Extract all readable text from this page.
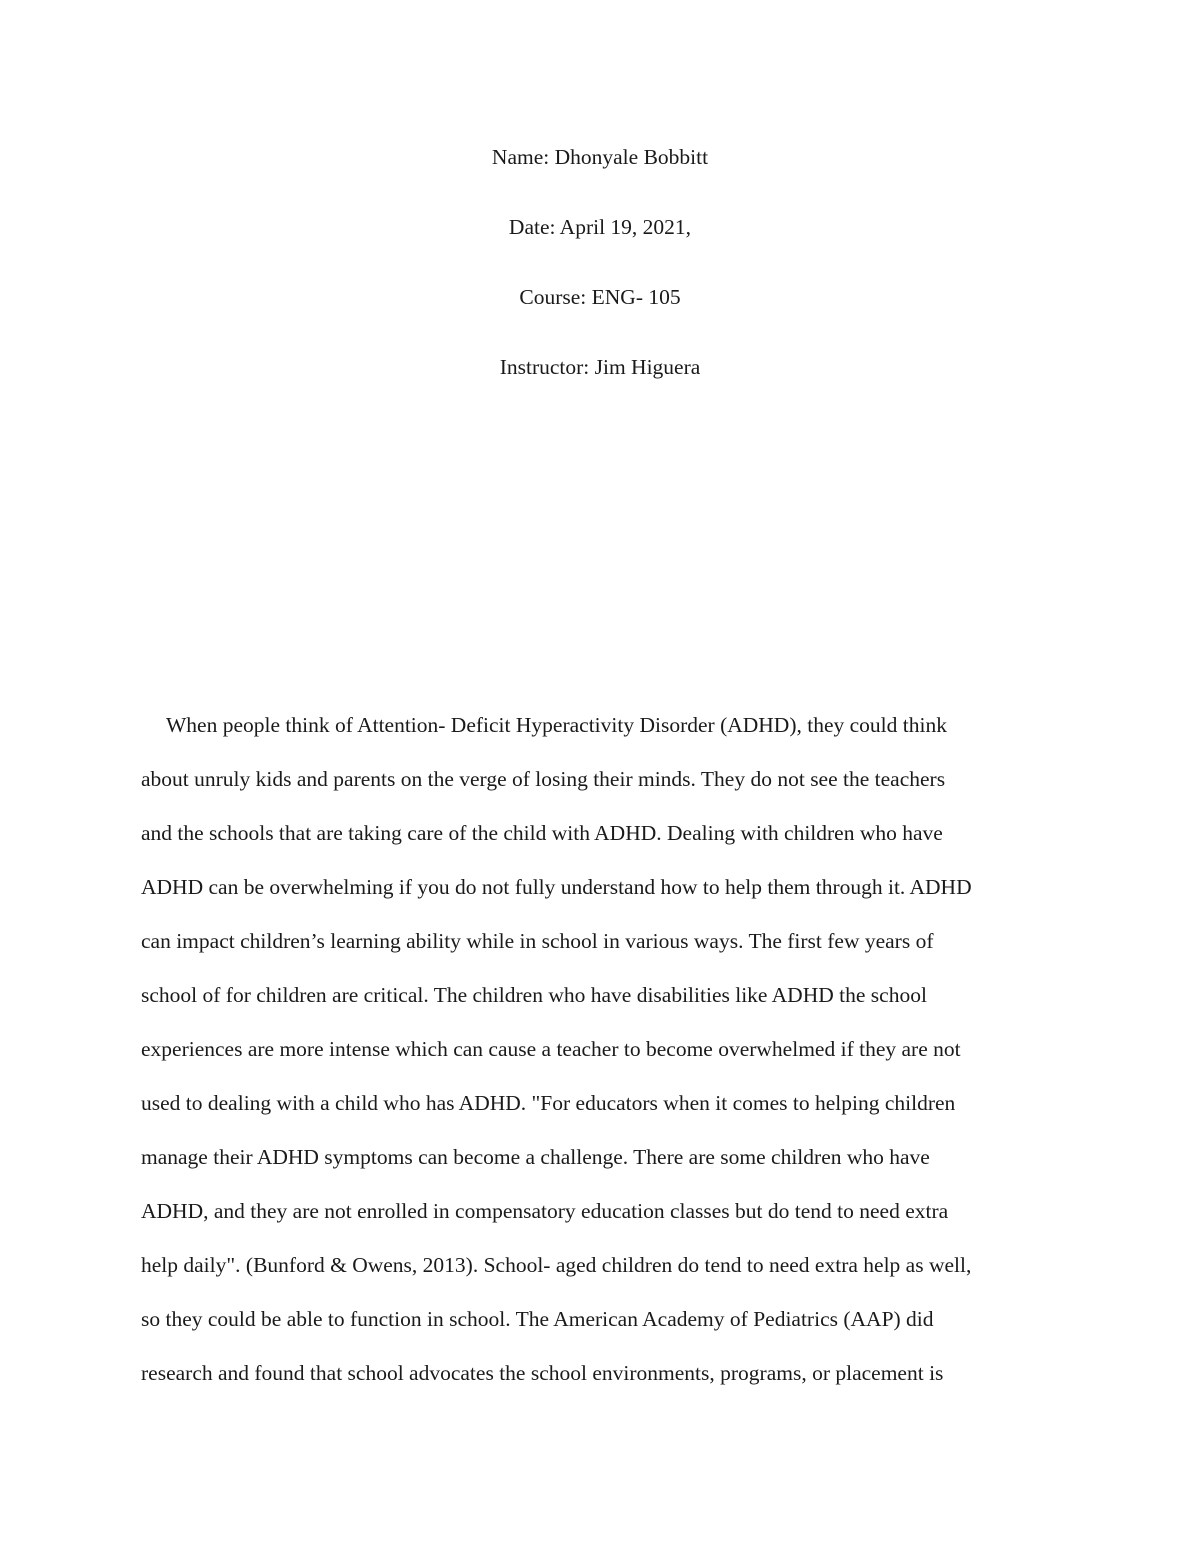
Name: Dhonyale Bobbitt
Date: April 19, 2021,
Course: ENG- 105
Instructor: Jim Higuera
When people think of Attention- Deficit Hyperactivity Disorder (ADHD), they could think
about unruly kids and parents on the verge of losing their minds. They do not see the teachers
and the schools that are taking care of the child with ADHD. Dealing with children who have
ADHD can be overwhelming if you do not fully understand how to help them through it. ADHD
can impact children’s learning ability while in school in various ways. The first few years of
school of for children are critical. The children who have disabilities like ADHD the school
experiences are more intense which can cause a teacher to become overwhelmed if they are not
used to dealing with a child who has ADHD. "For educators when it comes to helping children
manage their ADHD symptoms can become a challenge. There are some children who have
ADHD, and they are not enrolled in compensatory education classes but do tend to need extra
help daily". (Bunford & Owens, 2013). School- aged children do tend to need extra help as well,
so they could be able to function in school. The American Academy of Pediatrics (AAP) did
research and found that school advocates the school environments, programs, or placement is
